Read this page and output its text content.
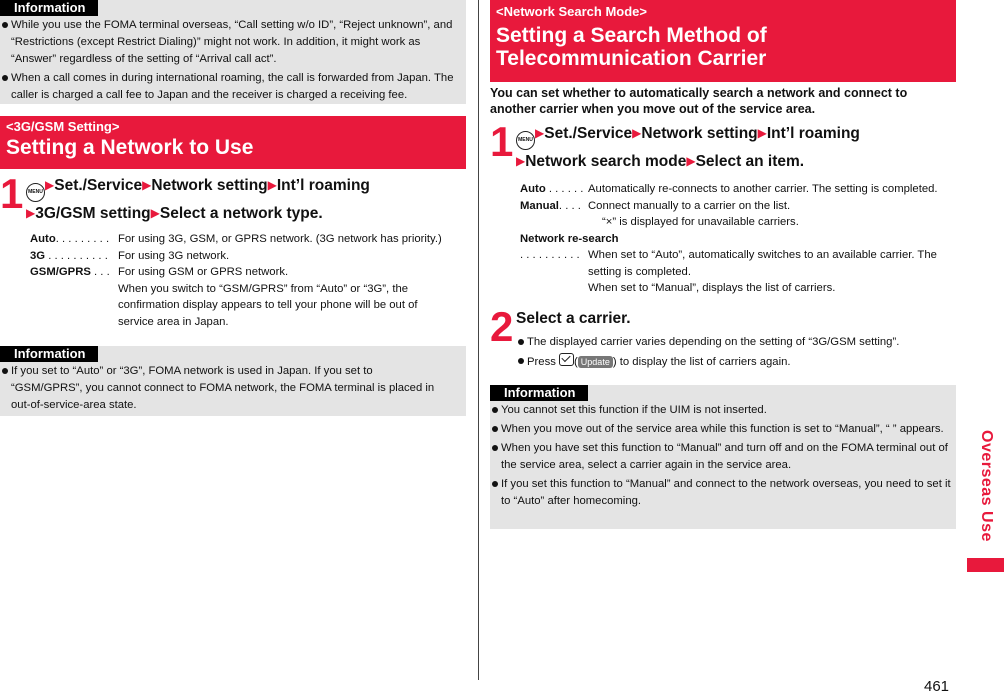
Information
While you use the FOMA terminal overseas, “Call setting w/o ID”, “Reject unknown”, and “Restrictions (except Restrict Dialing)” might not work. In addition, it might work as “Answer” regardless of the setting of “Arrival call act”.
When a call comes in during international roaming, the call is forwarded from Japan. The caller is charged a call fee to Japan and the receiver is charged a receiving fee.
<3G/GSM Setting>
Setting a Network to Use
1 MENU ▶Set./Service▶Network setting▶Int’l roaming
▶3G/GSM setting▶Select a network type.
Auto. . . . . . . . . For using 3G, GSM, or GPRS network. (3G network has priority.)
3G . . . . . . . . . . For using 3G network.
GSM/GPRS . . . For using GSM or GPRS network.
When you switch to “GSM/GPRS” from “Auto” or “3G”, the confirmation display appears to tell your phone will be out of service area in Japan.
Information
If you set to “Auto” or “3G”, FOMA network is used in Japan. If you set to “GSM/GPRS”, you cannot connect to FOMA network, the FOMA terminal is placed in out-of-service-area state.
<Network Search Mode>
Setting a Search Method of Telecommunication Carrier
You can set whether to automatically search a network and connect to another carrier when you move out of the service area.
1 MENU ▶Set./Service▶Network setting▶Int’l roaming
▶Network search mode▶Select an item.
Auto . . . . . . Automatically re-connects to another carrier. The setting is completed.
Manual. . . . Connect manually to a carrier on the list.
“×” is displayed for unavailable carriers.
Network re-search
. . . . . . . . . . When set to “Auto”, automatically switches to an available carrier. The setting is completed.
When set to “Manual”, displays the list of carriers.
2 Select a carrier.
The displayed carrier varies depending on the setting of “3G/GSM setting”.
Press ( Update ) to display the list of carriers again.
Information
You cannot set this function if the UIM is not inserted.
When you move out of the service area while this function is set to “Manual”, “ ” appears.
When you have set this function to “Manual” and turn off and on the FOMA terminal out of the service area, select a carrier again in the service area.
If you set this function to “Manual” and connect to the network overseas, you need to set it to “Auto” after homecoming.	Overseas Use
461
